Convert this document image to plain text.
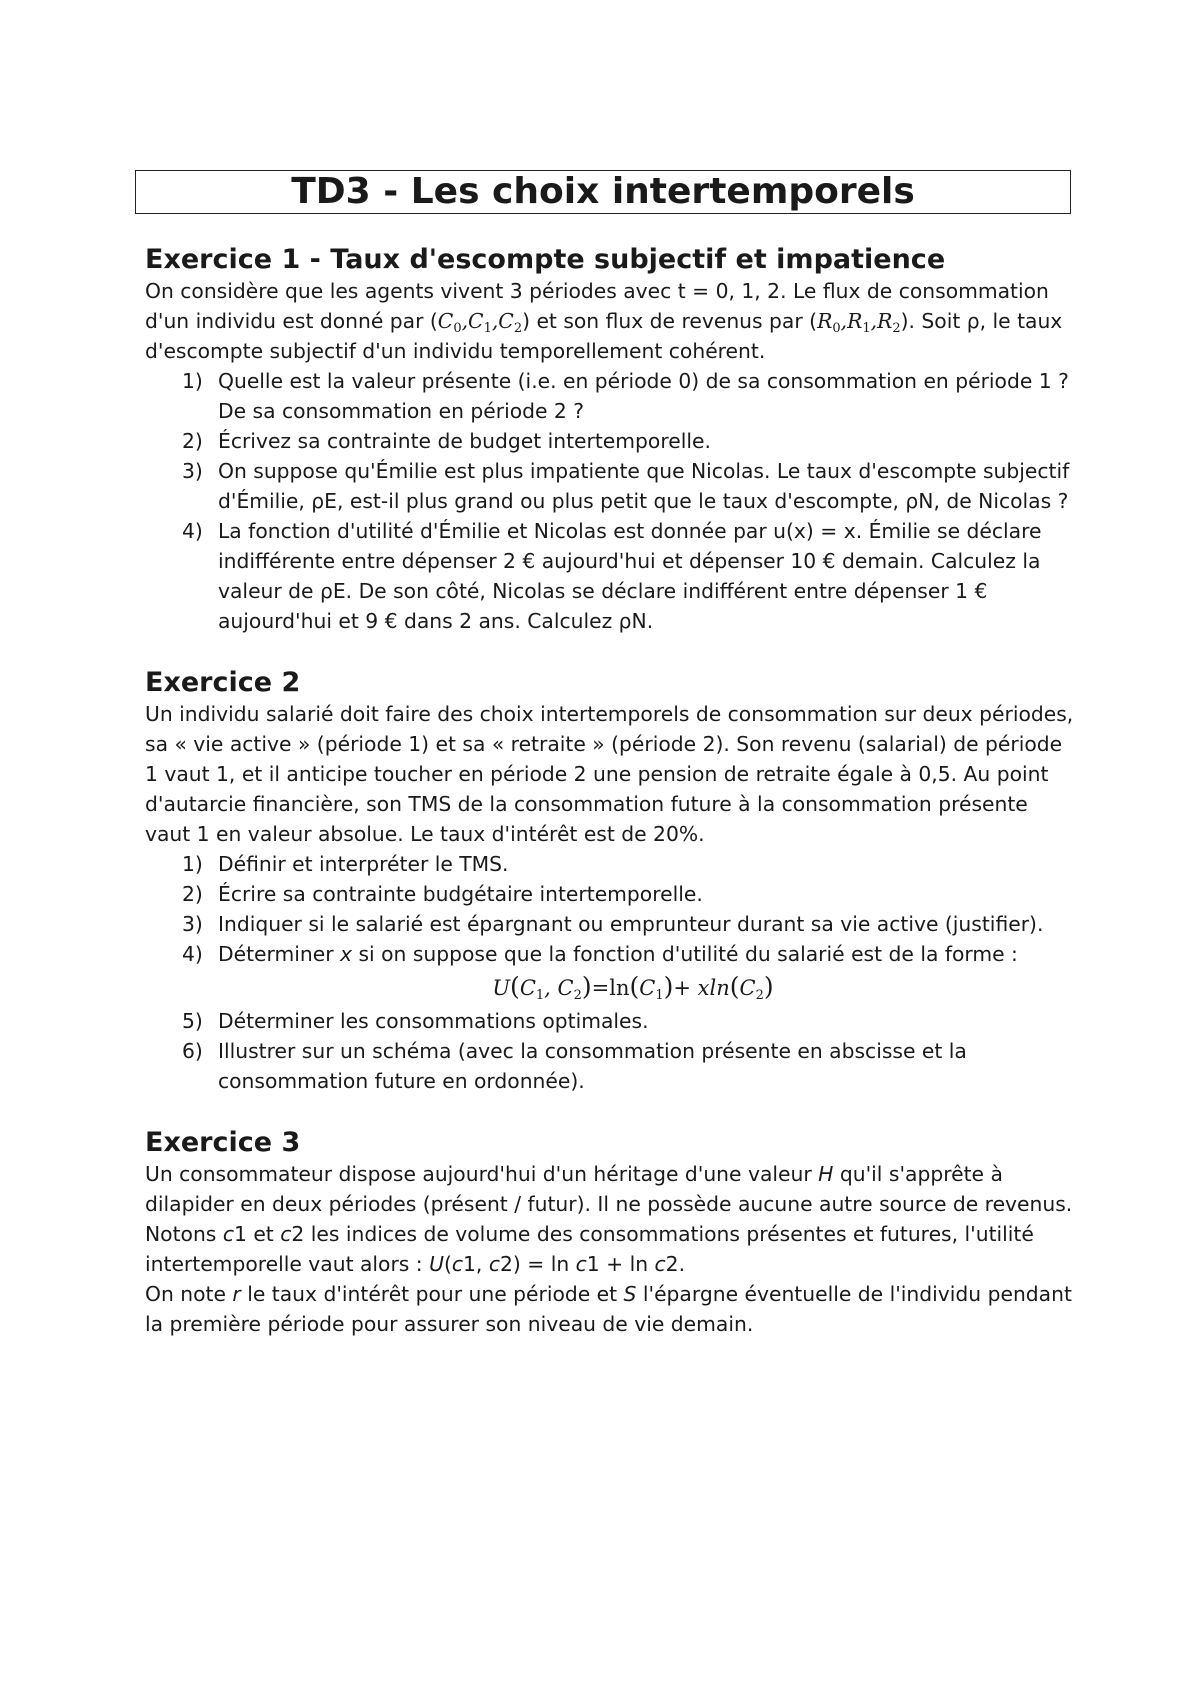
TD3 - Les choix intertemporels
Exercice 1 - Taux d'escompte subjectif et impatience

On considère que les agents vivent 3 périodes avec t = 0, 1, 2. Le flux de consommation d'un individu est donné par $(C_0,C_1,C_2)$ et son flux de revenus par $(R_0,R_1,R_2)$. Soit ρ, le taux d'escompte subjectif d'un individu temporellement cohérent.

1) Quelle est la valeur présente (i.e. en période 0) de sa consommation en période 1 ? De sa consommation en période 2 ?
2) Écrivez sa contrainte de budget intertemporelle.
3) On suppose qu'Émilie est plus impatiente que Nicolas. Le taux d'escompte subjectif d'Émilie, ρE, est-il plus grand ou plus petit que le taux d'escompte, ρN, de Nicolas ?
4) La fonction d'utilité d'Émilie et Nicolas est donnée par u(x) = x. Émilie se déclare indifférente entre dépenser 2 € aujourd'hui et dépenser 10 € demain. Calculez la valeur de ρE. De son côté, Nicolas se déclare indifférent entre dépenser 1 € aujourd'hui et 9 € dans 2 ans. Calculez ρN.
Exercice 2

Un individu salarié doit faire des choix intertemporels de consommation sur deux périodes, sa « vie active » (période 1) et sa « retraite » (période 2). Son revenu (salarial) de période 1 vaut 1, et il anticipe toucher en période 2 une pension de retraite égale à 0,5. Au point d'autarcie financière, son TMS de la consommation future à la consommation présente vaut 1 en valeur absolue. Le taux d'intérêt est de 20%.

1) Définir et interpréter le TMS.
2) Écrire sa contrainte budgétaire intertemporelle.
3) Indiquer si le salarié est épargnant ou emprunteur durant sa vie active (justifier).
4) Déterminer x si on suppose que la fonction d'utilité du salarié est de la forme :
$U(C_1$, $C_2)=\ln(C_1)+ xln(C_2)$
5) Déterminer les consommations optimales.
6) Illustrer sur un schéma (avec la consommation présente en abscisse et la consommation future en ordonnée).
Exercice 3

Un consommateur dispose aujourd'hui d'un héritage d'une valeur H qu'il s'apprête à dilapider en deux périodes (présent / futur). Il ne possède aucune autre source de revenus.

Notons c1 et c2 les indices de volume des consommations présentes et futures, l'utilité intertemporelle vaut alors : U(c1, c2) = ln c1 + ln c2.

On note r le taux d'intérêt pour une période et S l'épargne éventuelle de l'individu pendant la première période pour assurer son niveau de vie demain.
